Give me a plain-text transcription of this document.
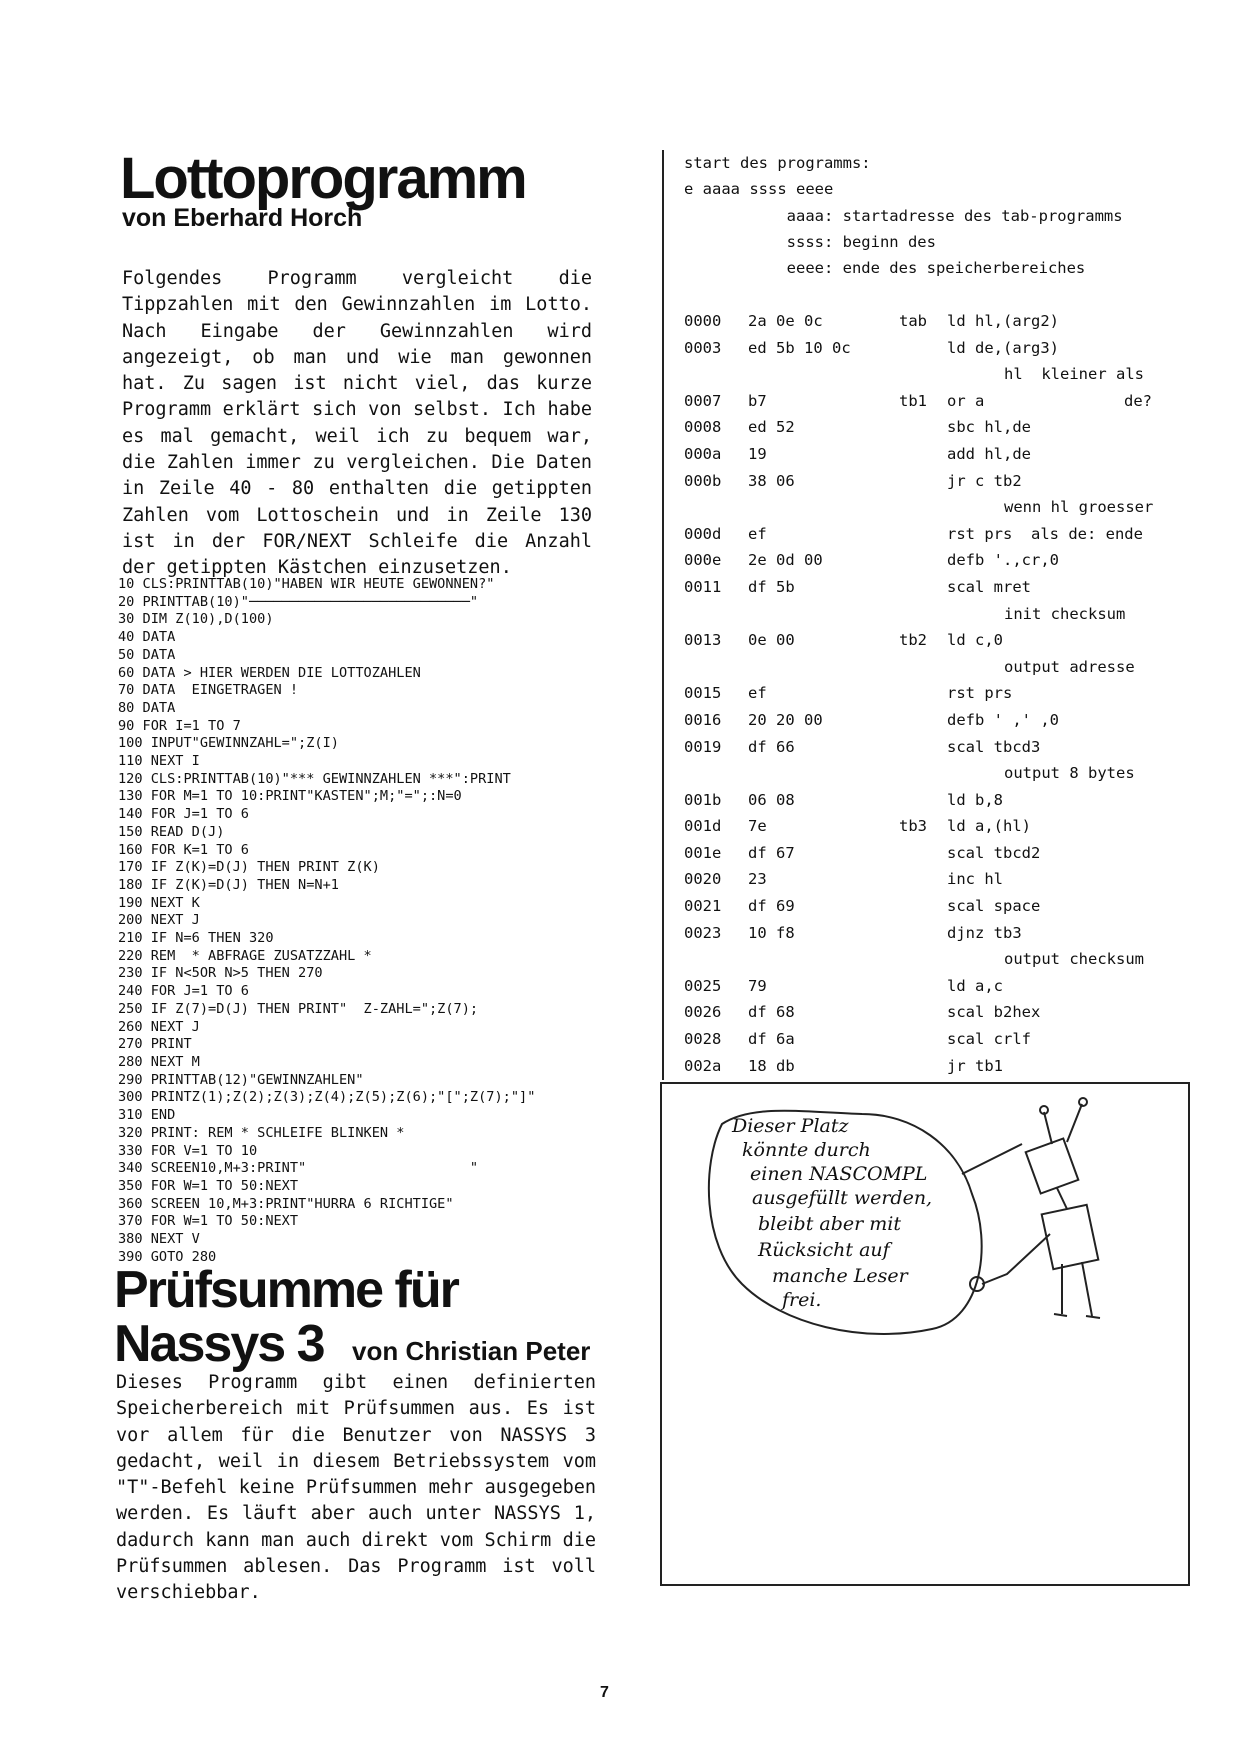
Lottoprogramm
von Eberhard Horch

Folgendes Programm vergleicht die Tippzahlen mit den Gewinnzahlen im Lotto. Nach Eingabe der Gewinnzahlen wird angezeigt, ob man und wie man gewonnen hat. Zu sagen ist nicht viel, das kurze Programm erklärt sich von selbst. Ich habe es mal gemacht, weil ich zu bequem war, die Zahlen immer zu vergleichen. Die Daten in Zeile 40 - 80 enthalten die getippten Zahlen vom Lottoschein und in Zeile 130 ist in der FOR/NEXT Schleife die Anzahl der getippten Kästchen einzusetzen.

10 CLS:PRINTTAB(10)"HABEN WIR HEUTE GEWONNEN?"
20 PRINTTAB(10)"───────────────────────────"
30 DIM Z(10),D(100)
40 DATA
50 DATA
60 DATA > HIER WERDEN DIE LOTTOZAHLEN
70 DATA  EINGETRAGEN !
80 DATA
90 FOR I=1 TO 7
100 INPUT"GEWINNZAHL=";Z(I)
110 NEXT I
120 CLS:PRINTTAB(10)"*** GEWINNZAHLEN ***":PRINT
130 FOR M=1 TO 10:PRINT"KASTEN";M;"=";:N=0
140 FOR J=1 TO 6
150 READ D(J)
160 FOR K=1 TO 6
170 IF Z(K)=D(J) THEN PRINT Z(K)
180 IF Z(K)=D(J) THEN N=N+1
190 NEXT K
200 NEXT J
210 IF N=6 THEN 320
220 REM  * ABFRAGE ZUSATZZAHL *
230 IF N<5OR N>5 THEN 270
240 FOR J=1 TO 6
250 IF Z(7)=D(J) THEN PRINT"  Z-ZAHL=";Z(7);
260 NEXT J
270 PRINT
280 NEXT M
290 PRINTTAB(12)"GEWINNZAHLEN"
300 PRINTZ(1);Z(2);Z(3);Z(4);Z(5);Z(6);"[";Z(7);"]"
310 END
320 PRINT: REM * SCHLEIFE BLINKEN *
330 FOR V=1 TO 10
340 SCREEN10,M+3:PRINT"                    "
350 FOR W=1 TO 50:NEXT
360 SCREEN 10,M+3:PRINT"HURRA 6 RICHTIGE"
370 FOR W=1 TO 50:NEXT
380 NEXT V
390 GOTO 280
Prüfsumme für
Nassys 3 von Christian Peter

Dieses Programm gibt einen definierten Speicherbereich mit Prüfsummen aus. Es ist vor allem für die Benutzer von NASSYS 3 gedacht, weil in diesem Betriebssystem vom "T"-Befehl keine Prüfsummen mehr ausgegeben werden. Es läuft aber auch unter NASSYS 1, dadurch kann man auch direkt vom Schirm die Prüfsummen ablesen. Das Programm ist voll verschiebbar.

start des programms:
e aaaa ssss eeee
aaaa: startadresse des tab-programms
ssss: beginn des
eeee: ende des speicherbereiches
0000 2a 0e 0c	tab ld hl,(arg2)
0003 ed 5b 10 0c	ld de,(arg3)
hl  kleiner als
0007 b7	tb1 or a	de?
0008 ed 52	sbc hl,de
000a 19	add hl,de
000b 38 06	jr c tb2
wenn hl groesser
000d ef	rst prs  als de: ende
000e 2e 0d 00	defb '.,cr,0
0011 df 5b	scal mret
init checksum
0013 0e 00	tb2 ld c,0
output adresse
0015 ef	rst prs
0016 20 20 00	defb ' ,' ,0
0019 df 66	scal tbcd3
output 8 bytes
001b 06 08	ld b,8
001d 7e	tb3 ld a,(hl)
001e df 67	scal tbcd2
0020 23	inc hl
0021 df 69	scal space
0023 10 f8	djnz tb3
output checksum
0025 79	ld a,c
0026 df 68	scal b2hex
0028 df 6a	scal crlf
002a 18 db	jr tb1
Dieser Platz könnte durch einen NASCOMPL ausgefüllt werden, bleibt aber mit Rücksicht auf manche Leser frei.
7
